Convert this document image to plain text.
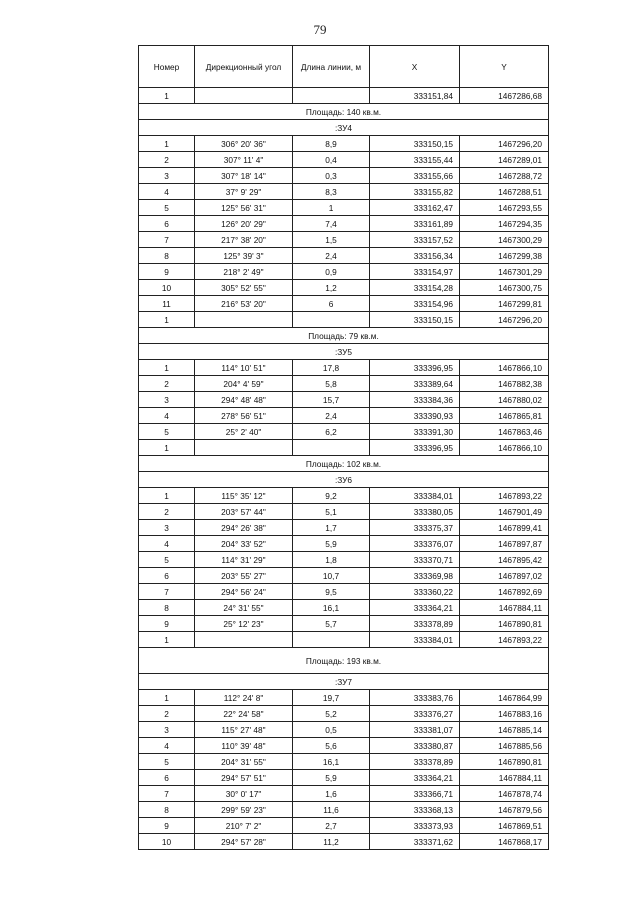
79
Номер	Дирекционный угол	Длина линии, м	X	Y
1			333151,84	1467286,68
Площадь: 140 кв.м.				
:ЗУ4				
1	306° 20' 36"	8,9	333150,15	1467296,20
2	307° 11' 4"	0,4	333155,44	1467289,01
3	307° 18' 14"	0,3	333155,66	1467288,72
4	37° 9' 29"	8,3	333155,82	1467288,51
5	125° 56' 31"	1	333162,47	1467293,55
6	126° 20' 29"	7,4	333161,89	1467294,35
7	217° 38' 20"	1,5	333157,52	1467300,29
8	125° 39' 3"	2,4	333156,34	1467299,38
9	218° 2' 49"	0,9	333154,97	1467301,29
10	305° 52' 55"	1,2	333154,28	1467300,75
11	216° 53' 20"	6	333154,96	1467299,81
1			333150,15	1467296,20
Площадь: 79 кв.м.				
:ЗУ5				
1	114° 10' 51"	17,8	333396,95	1467866,10
2	204° 4' 59"	5,8	333389,64	1467882,38
3	294° 48' 48"	15,7	333384,36	1467880,02
4	278° 56' 51"	2,4	333390,93	1467865,81
5	25° 2' 40"	6,2	333391,30	1467863,46
1			333396,95	1467866,10
Площадь: 102 кв.м.				
:ЗУ6				
1	115° 35' 12"	9,2	333384,01	1467893,22
2	203° 57' 44"	5,1	333380,05	1467901,49
3	294° 26' 38"	1,7	333375,37	1467899,41
4	204° 33' 52"	5,9	333376,07	1467897,87
5	114° 31' 29"	1,8	333370,71	1467895,42
6	203° 55' 27"	10,7	333369,98	1467897,02
7	294° 56' 24"	9,5	333360,22	1467892,69
8	24° 31' 55"	16,1	333364,21	1467884,11
9	25° 12' 23"	5,7	333378,89	1467890,81
1			333384,01	1467893,22
Площадь: 193 кв.м.				
:ЗУ7				
1	112° 24' 8"	19,7	333383,76	1467864,99
2	22° 24' 58"	5,2	333376,27	1467883,16
3	115° 27' 48"	0,5	333381,07	1467885,14
4	110° 39' 48"	5,6	333380,87	1467885,56
5	204° 31' 55"	16,1	333378,89	1467890,81
6	294° 57' 51"	5,9	333364,21	1467884,11
7	30° 0' 17"	1,6	333366,71	1467878,74
8	299° 59' 23"	11,6	333368,13	1467879,56
9	210° 7' 2"	2,7	333373,93	1467869,51
10	294° 57' 28"	11,2	333371,62	1467868,17
